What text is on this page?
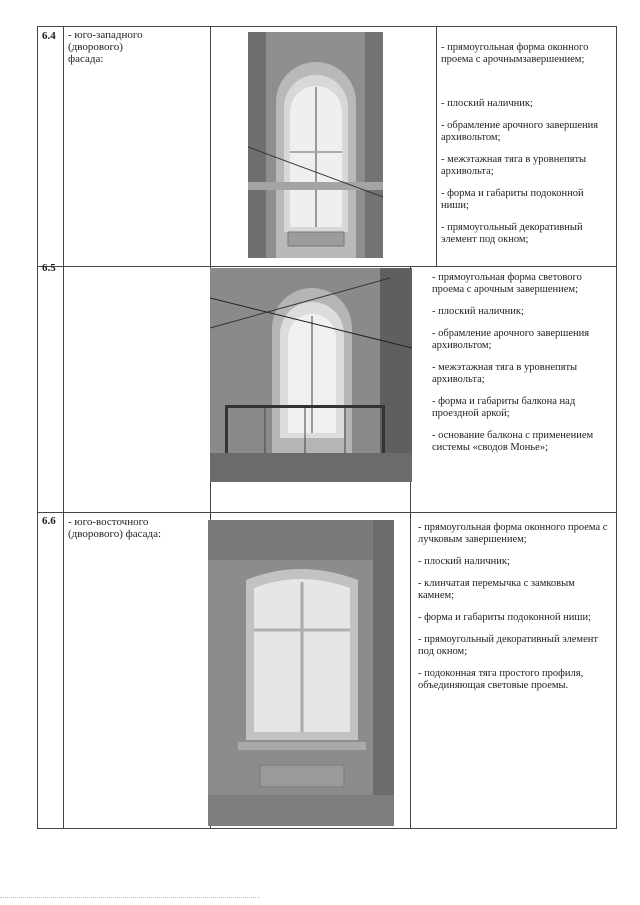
6.4 - юго-западного (дворового) фасада:
- прямоугольная форма оконного проема с арочнымзавершением;
- плоский наличник;
- обрамление арочного завершения архивольтом;
- межэтажная тяга в уровнепяты архивольта;
- форма и габариты подоконной ниши;
- прямоугольный декоративный элемент под окном;
6.5
- прямоугольная форма светового проема с арочным завершением;
- плоский наличник;
- обрамление арочного завершения архивольтом;
- межэтажная тяга в уровнепяты архивольта;
- форма и габариты балкона над проездной аркой;
- основание балкона с применением системы «сводов Монье»;
6.6 - юго-восточного (дворового) фасада:
- прямоугольная форма оконного проема с лучковым завершением;
- плоский наличник;
- клинчатая перемычка с замковым камнем;
- форма и габариты подоконной ниши;
- прямоугольный декоративный элемент под окном;
- подоконная тяга простого профиля, объединяющая световые проемы.
